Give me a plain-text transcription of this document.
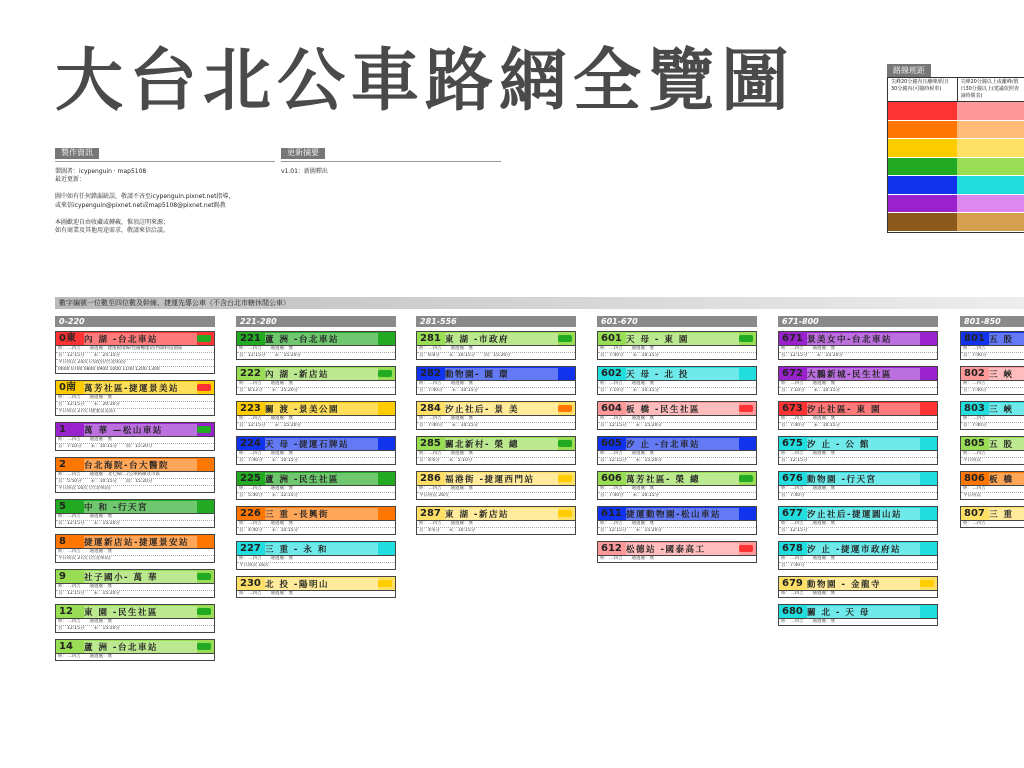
大台北公車路網全覽圖	路線班距
尖峰20分鐘內且離峰/假日30分鐘內(可隨時候車)
尖峰20分鐘以上或離峰/假日30分鐘以上(建議依照查詢時間表)
製作資訊
製圖者：icypenguin · map5108
最近更新：

圖中如有任何錯漏缺誤，敬請不吝至icypenguin.pixnet.net指導，
或來信icypenguin@pixnet.net或map5108@pixnet.net賜教

本圖歡迎自由收藏或轉載，惟須註明來源；
如有商業及其他用途需求，敬請來信洽談。
更新摘要
v1.01：新圖釋出
數字編號一位數至四位數及幹線、捷運先導公車（不含台北市轄休閒公車）
0-220
0東 內 湖 -台北車站
經：二四吉　　通過處：捷運板南線/昆陽轉運站/內湖科技園區
首：12:15分　　末：25:15分
平日班次 24次 (市政府/台北車站)
0600 0700 0800 0900 1000 1100 1200 1300
0南 萬芳社區-捷運景美站
經：二四吉　　通過處：無
首：12:15分　　末：20:30分
平日班次 27次 (捷運景美站)
1	萬 華 —松山車站
經：二四吉　　通過處：無
首：7:10分　　末：10:15分　　間：15:20分
2	台北海院-台大醫院
經：二四吉　　通過處：北七線/二/公車路線及市區
首：5:50分　　末：10:15分　　間：15:20分
平日班次 16次 (台北車站)
5	中 和 -行天宮
經：二四吉　　通過處：無
首：12:15分　　末：15:20分
8	捷運新店站-捷運景安站
經：二四吉　　通過處：無
平日班次 27次 (台北車站)
9	社子國小- 萬 華
經：二四吉　　通過處：無
首：12:15分　　末：15:20分
12	東 園 -民生社區
經：二四吉　　通過處：無
首：12:15分　　末：15:20分
14	蘆 洲 -台北車站
經：二四吉　　通過處：無
221-280
221 蘆 洲 -台北車站
經：二四吉　　通過處：無
首：12:15分　　末：15:20分
222 內 湖 -新店站
經：二四吉　　通過處：無
首：8:12分　　末：15:20分
223 關 渡 -景美公園
經：二四吉　　通過處：無
首：12:15分　　末：15:20分
224 天 母 -捷運石牌站
經：二四吉　　通過處：無
首：7:40分　　末：10:15分
225 蘆 洲 -民生社區
經：二四吉　　通過處：無
首：5:40分　　末：12:15分
226 三 重 -長興街
經：二四吉　　通過處：無
首：4:40分　　末：10:15分
227 三 重 - 永 和
經：二四吉　　通過處：無
平日班次 16次
230 北 投 -陽明山
經：二四吉　　通過處：無
281-556
281 東 湖 -市政府
經：二四吉　　通過處：無
首：6:8分　　末：10:15分　　間：15:20分
282 動物園- 圓 環
經：二四吉　　通過處：無
首：7:40分　　末：10:15分
284 汐止社后- 景 美
經：二四吉　　通過處：無
首：7:40分　　末：10:15分
285 關北新村- 榮 總
經：二四吉　　通過處：無
首：4:6分　　末：5:10分
286 福港街 -捷運西門站
經：二四吉　　通過處：無
平日班次 26次
287 東 湖 -新店站
經：二四吉　　通過處：無
首：4:6分　　末：10:15分
601-670
601 天 母 - 東 園
經：二四吉　　通過處：無
首：7:40分　　末：10:15分
602 天 母 - 北 投
經：二四吉　　通過處：無
首：7:10分　　末：10:15分
604 板 橋 -民生社區
經：二四吉　　通過處：無
首：12:15分　　末：15:20分
605 汐 止 -台北車站
經：二四吉　　通過處：無
首：12:15分　　末：15:20分
606 萬芳社區- 榮 總
經：二四吉　　通過處：無
首：7:40分　　末：10:15分
611 捷運動物園-松山車站
經：二四吉　　通過處：無
首：12:15分　　末：15:20分
612 松德站 -國泰高工
經：二四吉　　通過處：無
671-800
671 景美女中-台北車站
經：二四吉　　通過處：無
首：12:15分　　末：15:20分
672 大鵬新城-民生社區
經：二四吉　　通過處：無
首：7:10分　　末：10:15分
673 汐止社區- 東 園
經：二四吉　　通過處：無
首：7:40分　　末：10:15分
675 汐 止 - 公 館
經：二四吉　　通過處：無
首：12:15分
676 動物園 -行天宮
經：二四吉　　通過處：無
首：7:40分
677 汐止社后-捷運圓山站
經：二四吉　　通過處：無
首：12:15分
678 汐 止 -捷運市政府站
經：二四吉　　通過處：無
首：7:40分
679 動物園 - 金龍寺
經：二四吉　　通過處：無
680 關 北 - 天 母
經：二四吉　　通過處：無
801-850
801 五 股
經：二四吉
首：7:40分
802 三 峽
經：二四吉
首：7:40分
803 三 峽
經：二四吉
首：7:40分
805 五 股
經：二四吉
平日班次
806 板 橋
經：二四吉
平日班次
807 三 重
經：二四吉
